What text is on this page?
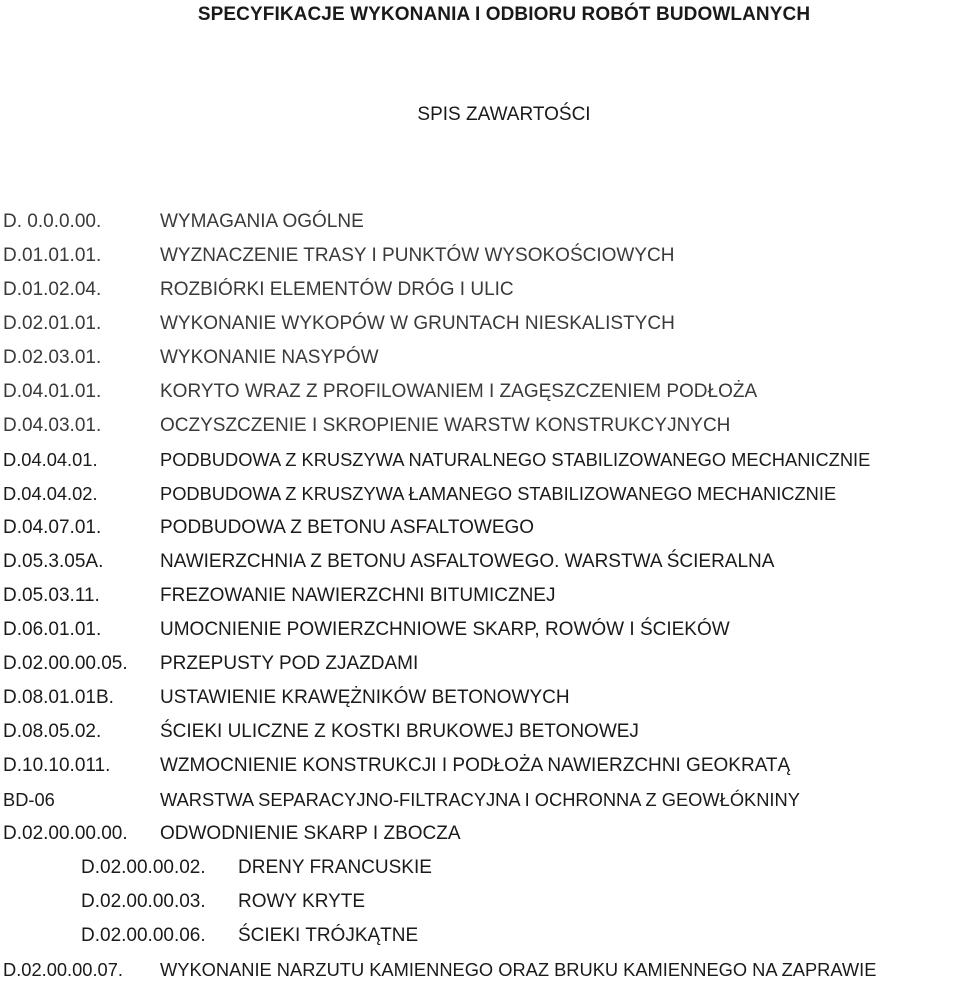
SPECYFIKACJE WYKONANIA I ODBIORU ROBÓT BUDOWLANYCH
SPIS ZAWARTOŚCI
D. 0.0.0.00.	WYMAGANIA OGÓLNE
D.01.01.01.	WYZNACZENIE TRASY I PUNKTÓW WYSOKOŚCIOWYCH
D.01.02.04.	ROZBIÓRKI ELEMENTÓW DRÓG I ULIC
D.02.01.01.	WYKONANIE WYKOPÓW W GRUNTACH NIESKALISTYCH
D.02.03.01.	WYKONANIE NASYPÓW
D.04.01.01.	KORYTO WRAZ Z PROFILOWANIEM I ZAGĘSZCZENIEM PODŁOŻA
D.04.03.01.	OCZYSZCZENIE I SKROPIENIE WARSTW KONSTRUKCYJNYCH
D.04.04.01.	PODBUDOWA Z KRUSZYWA NATURALNEGO STABILIZOWANEGO MECHANICZNIE
D.04.04.02.	PODBUDOWA Z KRUSZYWA ŁAMANEGO STABILIZOWANEGO MECHANICZNIE
D.04.07.01.	PODBUDOWA Z BETONU ASFALTOWEGO
D.05.3.05A.	NAWIERZCHNIA Z BETONU ASFALTOWEGO. WARSTWA ŚCIERALNA
D.05.03.11.	FREZOWANIE NAWIERZCHNI BITUMICZNEJ
D.06.01.01.	UMOCNIENIE POWIERZCHNIOWE SKARP, ROWÓW I ŚCIEKÓW
D.02.00.00.05.	PRZEPUSTY POD ZJAZDAMI
D.08.01.01B.	USTAWIENIE KRAWĘŻNIKÓW BETONOWYCH
D.08.05.02.	ŚCIEKI ULICZNE Z KOSTKI BRUKOWEJ BETONOWEJ
D.10.10.011.	WZMOCNIENIE KONSTRUKCJI I PODŁOŻA NAWIERZCHNI GEOKRATĄ
BD-06	WARSTWA SEPARACYJNO-FILTRACYJNA I OCHRONNA Z GEOWŁÓKNINY
D.02.00.00.00.	ODWODNIENIE SKARP I ZBOCZA
D.02.00.00.02.	DRENY FRANCUSKIE
D.02.00.00.03.	ROWY KRYTE
D.02.00.00.06.	ŚCIEKI TRÓJKĄTNE
D.02.00.00.07.	WYKONANIE NARZUTU KAMIENNEGO ORAZ BRUKU KAMIENNEGO NA ZAPRAWIE
